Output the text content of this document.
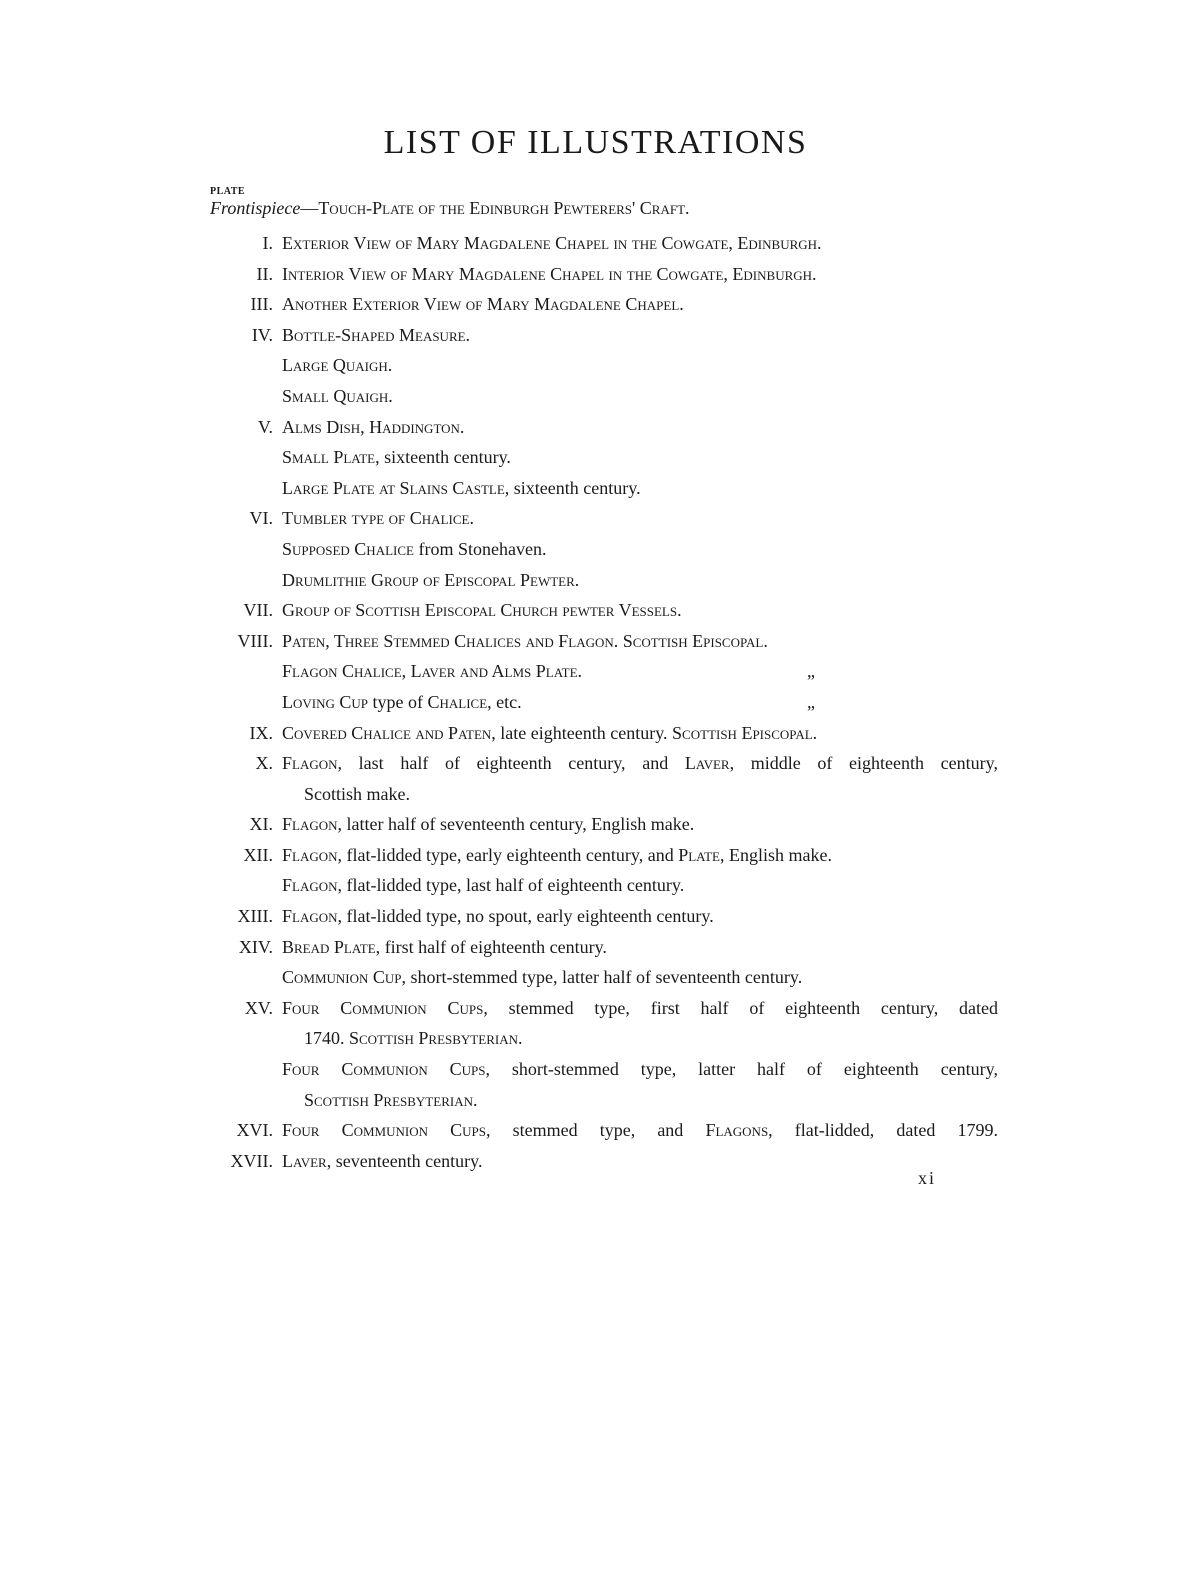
LIST OF ILLUSTRATIONS
PLATE
Frontispiece—Touch-Plate of the Edinburgh Pewterers' Craft.
I. Exterior View of Mary Magdalene Chapel in the Cowgate, Edinburgh.
II. Interior View of Mary Magdalene Chapel in the Cowgate, Edinburgh.
III. Another Exterior View of Mary Magdalene Chapel.
IV. Bottle-Shaped Measure.
Large Quaigh.
Small Quaigh.
V. Alms Dish, Haddington.
Small Plate, sixteenth century.
Large Plate at Slains Castle, sixteenth century.
VI. Tumbler type of Chalice.
Supposed Chalice from Stonehaven.
Drumlithie Group of Episcopal Pewter.
VII. Group of Scottish Episcopal Church pewter Vessels.
VIII. Paten, Three Stemmed Chalices and Flagon. Scottish Episcopal.
Flagon Chalice, Laver and Alms Plate.	„
Loving Cup type of Chalice, etc.	„
IX. Covered Chalice and Paten, late eighteenth century. Scottish Episcopal.
X. Flagon, last half of eighteenth century, and Laver, middle of eighteenth century,
Scottish make.
XI. Flagon, latter half of seventeenth century, English make.
XII. Flagon, flat-lidded type, early eighteenth century, and Plate, English make.
Flagon, flat-lidded type, last half of eighteenth century.
XIII. Flagon, flat-lidded type, no spout, early eighteenth century.
XIV. Bread Plate, first half of eighteenth century.
Communion Cup, short-stemmed type, latter half of seventeenth century.
XV. Four Communion Cups, stemmed type, first half of eighteenth century, dated
1740. Scottish Presbyterian.
Four Communion Cups, short-stemmed type, latter half of eighteenth century,
Scottish Presbyterian.
XVI. Four Communion Cups, stemmed type, and Flagons, flat-lidded, dated 1799.
XVII. Laver, seventeenth century.
xi
